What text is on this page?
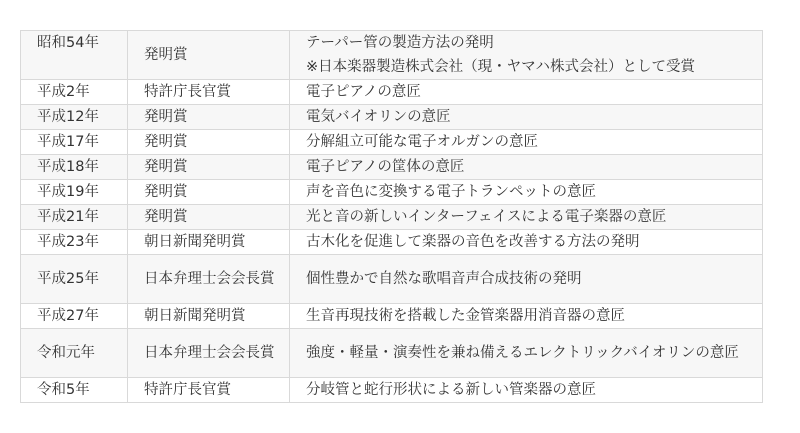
昭和54年	発明賞	テーパー管の製造方法の発明
※日本楽器製造株式会社（現・ヤマハ株式会社）として受賞

平成2年	特許庁長官賞	電子ピアノの意匠
平成12年	発明賞	電気バイオリンの意匠
平成17年	発明賞	分解組立可能な電子オルガンの意匠
平成18年	発明賞	電子ピアノの筐体の意匠
平成19年	発明賞	声を音色に変換する電子トランペットの意匠
平成21年	発明賞	光と音の新しいインターフェイスによる電子楽器の意匠
平成23年	朝日新聞発明賞	古木化を促進して楽器の音色を改善する方法の発明
平成25年	日本弁理士会会長賞	個性豊かで自然な歌唱音声合成技術の発明
平成27年	朝日新聞発明賞	生音再現技術を搭載した金管楽器用消音器の意匠
令和元年	日本弁理士会会長賞	強度・軽量・演奏性を兼ね備えるエレクトリックバイオリンの意匠
令和5年	特許庁長官賞	分岐管と蛇行形状による新しい管楽器の意匠
